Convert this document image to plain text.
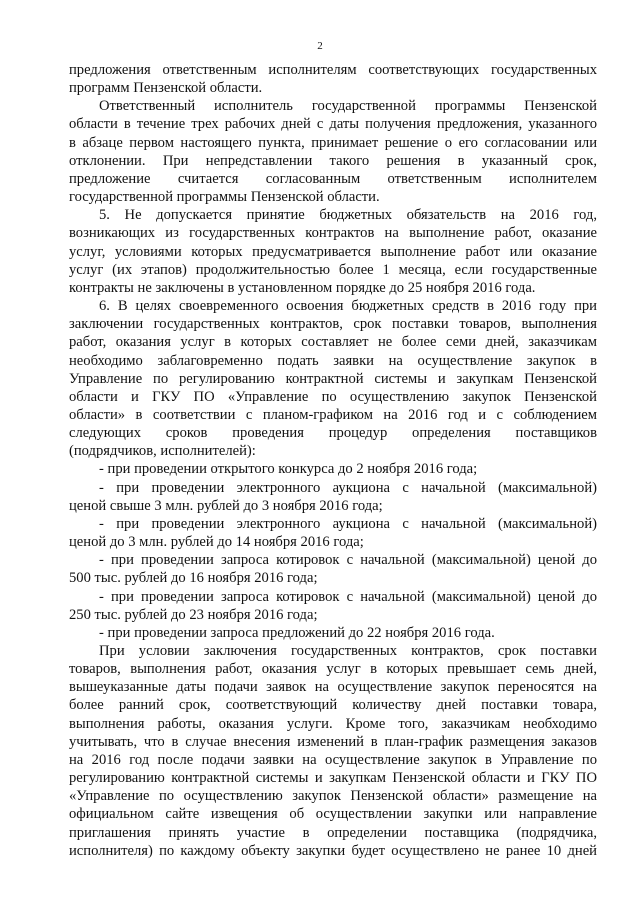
2

предложения ответственным исполнителям соответствующих государственных

программ Пензенской области.

Ответственный исполнитель государственной программы Пензенской

области в течение трех рабочих дней с даты получения предложения, указанного

в абзаце первом настоящего пункта, принимает решение о его согласовании или

отклонении. При непредставлении такого решения в указанный срок,

предложение считается согласованным ответственным исполнителем

государственной программы Пензенской области.

5. Не допускается принятие бюджетных обязательств на 2016 год,

возникающих из государственных контрактов на выполнение работ, оказание

услуг, условиями которых предусматривается выполнение работ или оказание

услуг (их этапов) продолжительностью более 1 месяца, если государственные

контракты не заключены в установленном порядке до 25 ноября 2016 года.

6. В целях своевременного освоения бюджетных средств в 2016 году при

заключении государственных контрактов, срок поставки товаров, выполнения

работ, оказания услуг в которых составляет не более семи дней, заказчикам

необходимо заблаговременно подать заявки на осуществление закупок в

Управление по регулированию контрактной системы и закупкам Пензенской

области и ГКУ ПО «Управление по осуществлению закупок Пензенской

области» в соответствии с планом-графиком на 2016 год и с соблюдением

следующих сроков проведения процедур определения поставщиков

(подрядчиков, исполнителей):

- при проведении открытого конкурса до 2 ноября 2016 года;

- при проведении электронного аукциона с начальной (максимальной)

ценой свыше 3 млн. рублей до 3 ноября 2016 года;

- при проведении электронного аукциона с начальной (максимальной)

ценой до 3 млн. рублей до 14 ноября 2016 года;

- при проведении запроса котировок с начальной (максимальной) ценой до

500 тыс. рублей до 16 ноября 2016 года;

- при проведении запроса котировок с начальной (максимальной) ценой до

250 тыс. рублей до 23 ноября 2016 года;

- при проведении запроса предложений до 22 ноября 2016 года.

При условии заключения государственных контрактов, срок поставки

товаров, выполнения работ, оказания услуг в которых превышает семь дней,

вышеуказанные даты подачи заявок на осуществление закупок переносятся на

более ранний срок, соответствующий количеству дней поставки товара,

выполнения работы, оказания услуги. Кроме того, заказчикам необходимо

учитывать, что в случае внесения изменений в план-график размещения заказов

на 2016 год после подачи заявки на осуществление закупок в Управление по

регулированию контрактной системы и закупкам Пензенской области и ГКУ ПО

«Управление по осуществлению закупок Пензенской области» размещение на

официальном сайте извещения об осуществлении закупки или направление

приглашения принять участие в определении поставщика (подрядчика,

исполнителя) по каждому объекту закупки будет осуществлено не ранее 10 дней
